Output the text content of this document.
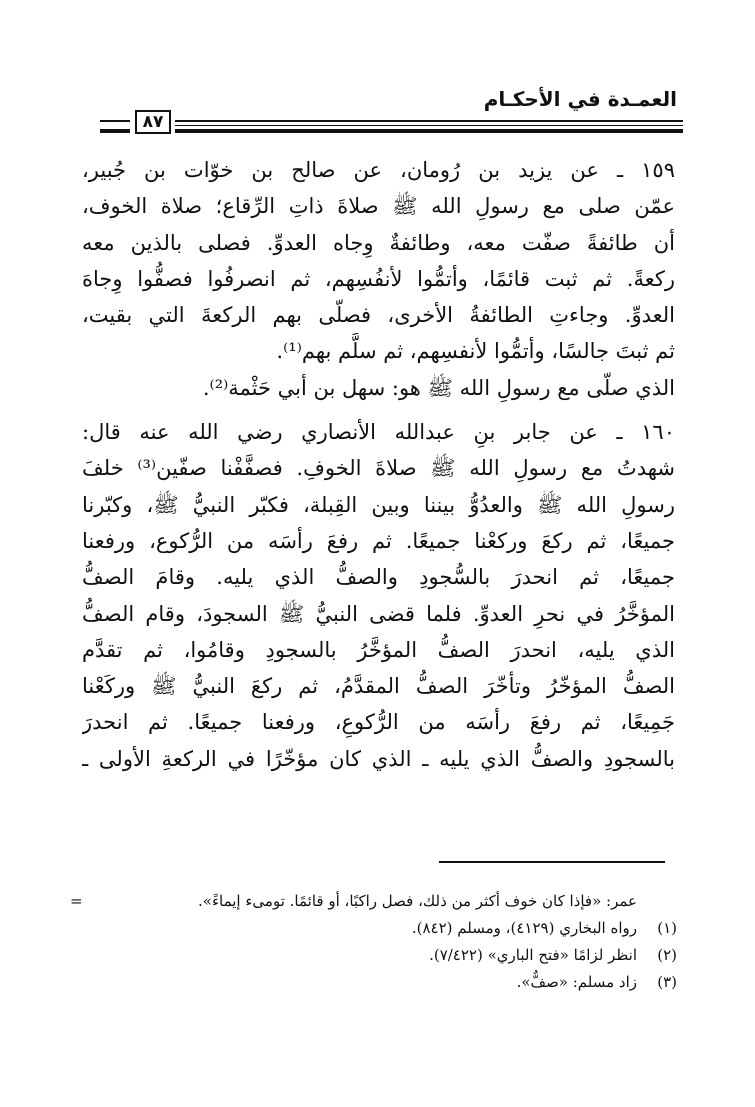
العمـدة في الأحكـام
٨٧

١٥٩ ـ عن يزيد بن رُومان، عن صالح بن خوّات بن جُبير،
عمّن صلى مع رسولِ الله ﷺ صلاةَ ذاتِ الرِّقاع؛ صلاة الخوف،
أن طائفةً صفّت معه، وطائفةٌ وِجاه العدوِّ. فصلى بالذين معه
ركعةً. ثم ثبت قائمًا، وأتمُّوا لأنفُسِهم، ثم انصرفُوا فصفُّوا وِجاهَ
العدوِّ. وجاءتِ الطائفةُ الأخرى، فصلّى بهم الركعةَ التي بقيت،
ثم ثبتَ جالسًا، وأتمُّوا لأنفسِهم، ثم سلَّم بهم⁽¹⁾.
الذي صلّى مع رسولِ الله ﷺ هو: سهل بن أبي حَثْمة⁽²⁾.

١٦٠ ـ عن جابر بنِ عبدالله الأنصاري رضي الله عنه قال:
شهدتُ مع رسولِ الله ﷺ صلاةَ الخوفِ. فصفَّفْنا صفّين⁽³⁾ خلفَ
رسولِ الله ﷺ والعدُوُّ بيننا وبين القِبلة، فكبّر النبيُّ ﷺ، وكبّرنا
جميعًا، ثم ركعَ وركعْنا جميعًا. ثم رفعَ رأسَه من الرُّكوع، ورفعنا
جميعًا، ثم انحدرَ بالسُّجودِ والصفُّ الذي يليه. وقامَ الصفُّ
المؤخَّرُ في نحرِ العدوِّ. فلما قضى النبيُّ ﷺ السجودَ، وقام الصفُّ
الذي يليه، انحدرَ الصفُّ المؤخَّرُ بالسجودِ وقامُوا، ثم تقدَّم
الصفُّ المؤخّرُ وتأخّرَ الصفُّ المقدَّمُ، ثم ركعَ النبيُّ ﷺ وركَعْنا
جَمِيعًا، ثم رفعَ رأسَه من الرُّكوعِ، ورفعنا جميعًا. ثم انحدرَ
بالسجودِ والصفُّ الذي يليه ـ الذي كان مؤخّرًا في الركعةِ الأولى ـ

=	عمر: «فإذا كان خوف أكثر من ذلك، فصل راكبًا، أو قائمًا. تومىء إيماءً».
(١)رواه البخاري (٤١٢٩)، ومسلم (٨٤٢).
(٢)انظر لزامًا «فتح الباري» (٧/٤٢٢).
(٣)زاد مسلم: «صفٌّ».
